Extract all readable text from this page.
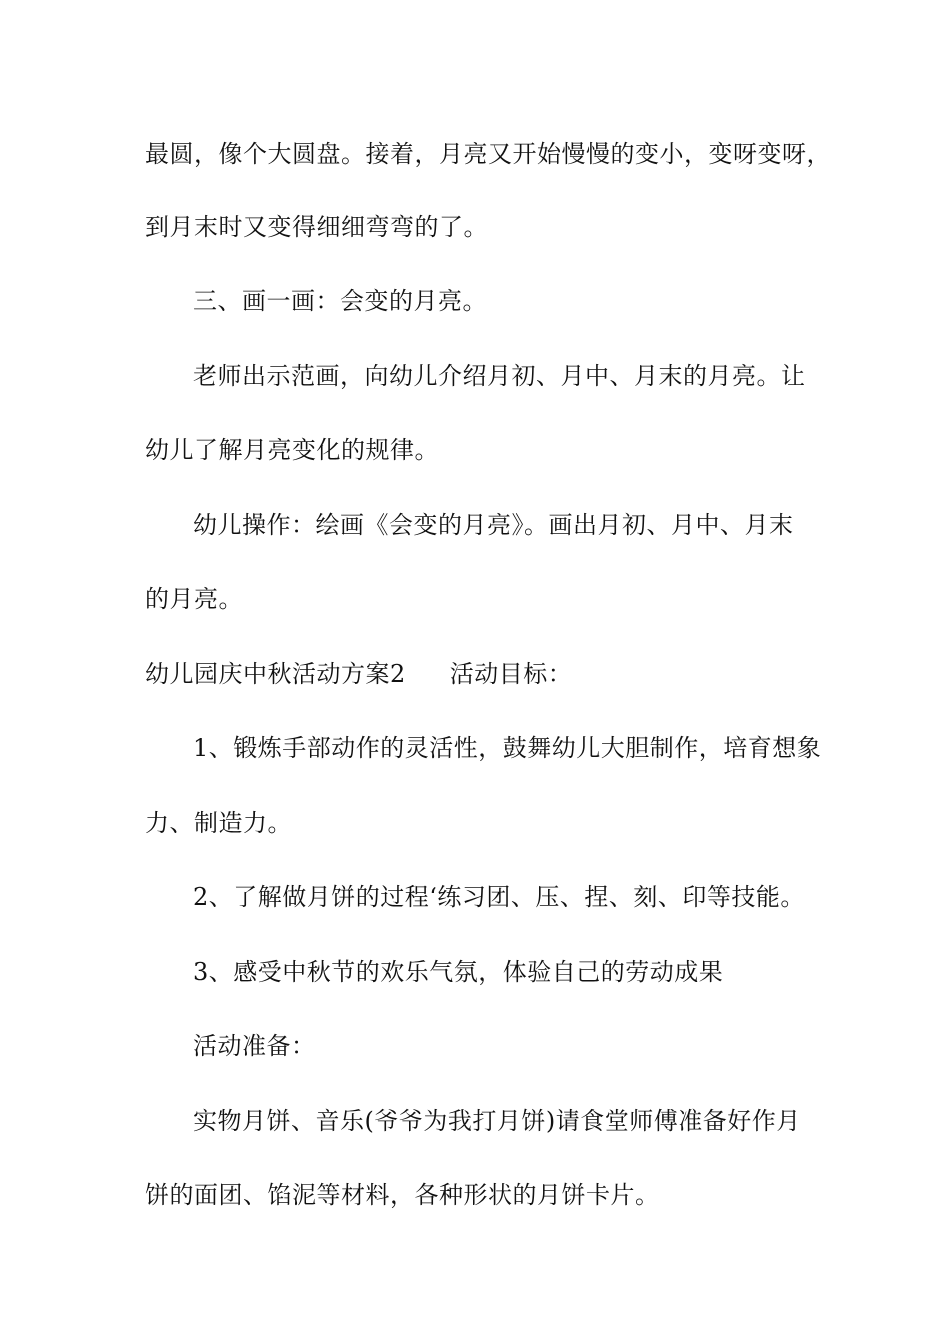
最圆，像个大圆盘。接着，月亮又开始慢慢的变小，变呀变呀，
到月末时又变得细细弯弯的了。
三、画一画：会变的月亮。
老师出示范画，向幼儿介绍月初、月中、月末的月亮。让
幼儿了解月亮变化的规律。
幼儿操作：绘画《会变的月亮》。画出月初、月中、月末
的月亮。
幼儿园庆中秋活动方案2 活动目标：
1、锻炼手部动作的灵活性，鼓舞幼儿大胆制作，培育想象
力、制造力。
2、了解做月饼的过程‘练习团、压、捏、刻、印等技能。
3、感受中秋节的欢乐气氛，体验自己的劳动成果
活动准备：
实物月饼、音乐(爷爷为我打月饼)请食堂师傅准备好作月
饼的面团、馅泥等材料，各种形状的月饼卡片。
